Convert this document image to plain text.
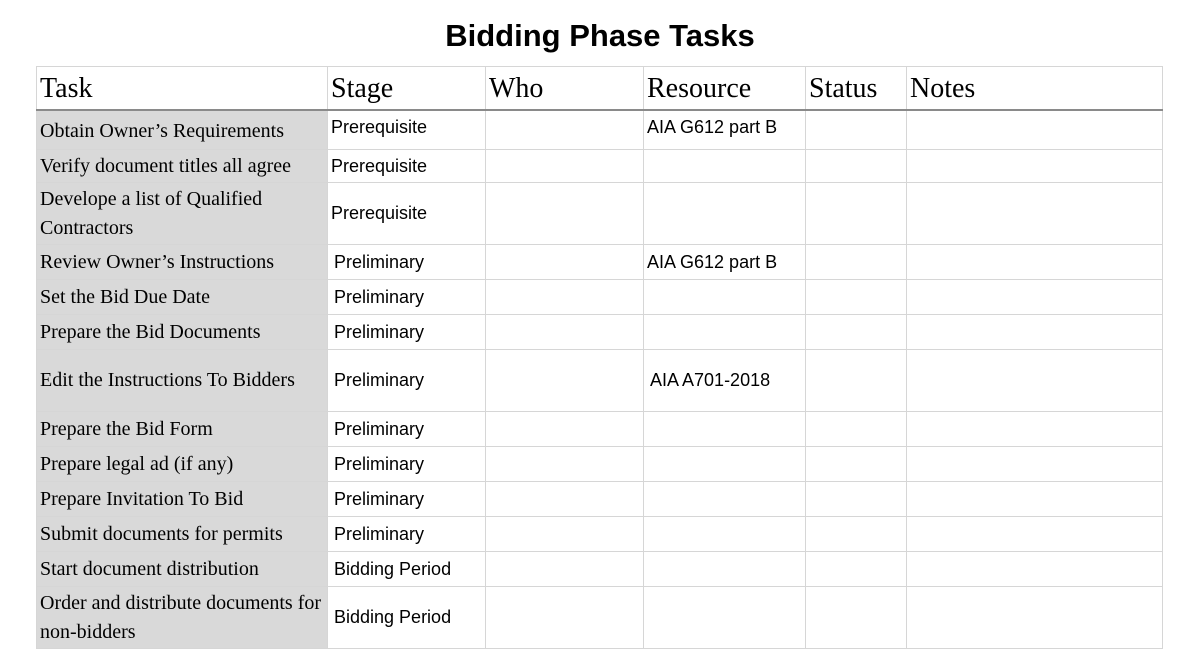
Bidding Phase Tasks
Task	Stage	Who	Resource	Status	Notes
Obtain Owner’s Requirements	Prerequisite		AIA G612 part B		
Verify document titles all agree	Prerequisite				
Develope a list of Qualified Contractors	Prerequisite				
Review Owner’s Instructions	Preliminary		AIA G612 part B		
Set the Bid Due Date	Preliminary				
Prepare the Bid Documents	Preliminary				
Edit the Instructions To Bidders	Preliminary		AIA A701-2018		
Prepare the Bid Form	Preliminary				
Prepare legal ad (if any)	Preliminary				
Prepare Invitation To Bid	Preliminary				
Submit documents for permits	Preliminary				
Start document distribution	Bidding Period				
Order and distribute documents for non-bidders	Bidding Period				
